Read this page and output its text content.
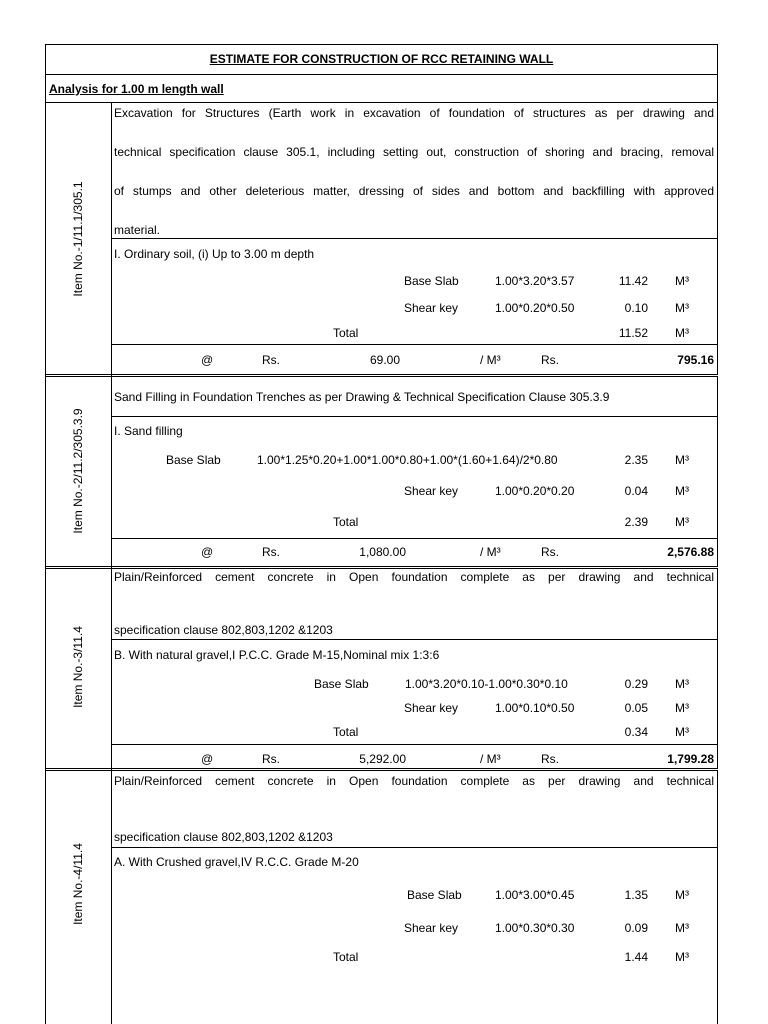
ESTIMATE FOR CONSTRUCTION OF RCC RETAINING WALL
Analysis for 1.00 m length wall
Item No.-1/11.1/305.1
Excavation for Structures (Earth work in excavation of foundation of structures as per drawing and
technical specification clause 305.1, including setting out, construction of shoring and bracing, removal
of stumps and other deleterious matter, dressing of sides and bottom and backfilling with approved
material.
I. Ordinary soil, (i) Up to 3.00 m depth
Base Slab	1.00*3.20*3.57	11.42 M³
Shear key	1.00*0.20*0.50	0.10 M³
Total	11.52 M³
@	Rs.	69.00	/ M³	Rs.	795.16
Item No.-2/11.2/305.3.9
Sand Filling in Foundation Trenches as per Drawing & Technical Specification Clause 305.3.9
I. Sand filling
Base Slab	1.00*1.25*0.20+1.00*1.00*0.80+1.00*(1.60+1.64)/2*0.80	2.35 M³
Shear key	1.00*0.20*0.20	0.04 M³
Total	2.39 M³
@	Rs.	1,080.00	/ M³	Rs.	2,576.88
Item No.-3/11.4
Plain/Reinforced cement concrete in Open foundation complete as per drawing and technical
specification clause 802,803,1202 &1203
B. With natural gravel,I P.C.C. Grade M-15,Nominal mix 1:3:6
Base Slab	1.00*3.20*0.10-1.00*0.30*0.10	0.29 M³
Shear key	1.00*0.10*0.50	0.05 M³
Total	0.34 M³
@	Rs.	5,292.00	/ M³	Rs.	1,799.28
Item No.-4/11.4
Plain/Reinforced cement concrete in Open foundation complete as per drawing and technical
specification clause 802,803,1202 &1203
A. With Crushed gravel,IV R.C.C. Grade M-20
Base Slab	1.00*3.00*0.45	1.35 M³
Shear key	1.00*0.30*0.30	0.09 M³
Total	1.44 M³
